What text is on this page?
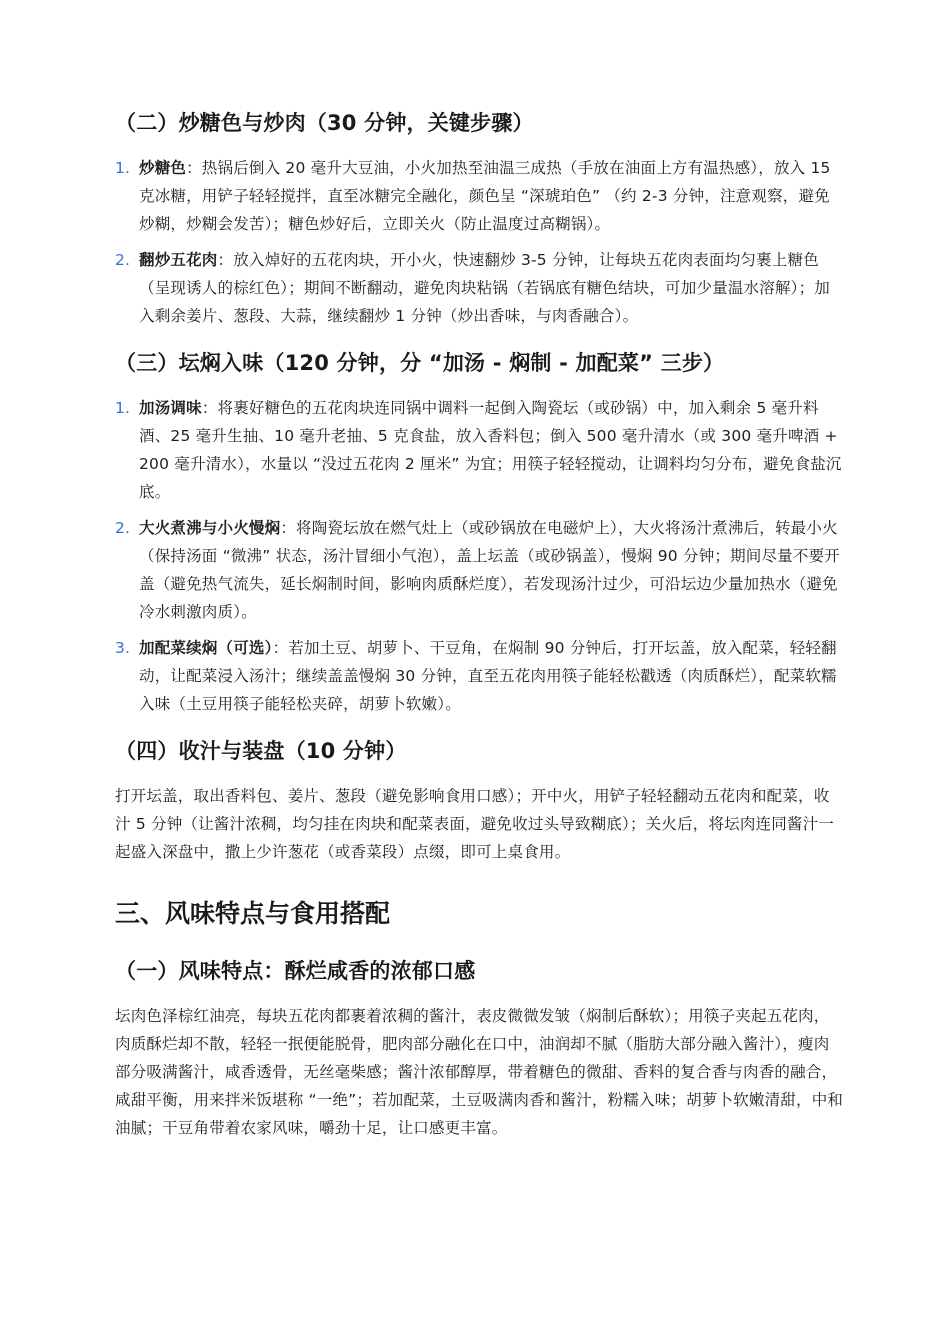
（二）炒糖色与炒肉（30 分钟，关键步骤）
1. 炒糖色：热锅后倒入 20 毫升大豆油，小火加热至油温三成热（手放在油面上方有温热感），放入 15 克冰糖，用铲子轻轻搅拌，直至冰糖完全融化，颜色呈 “深琥珀色” （约 2-3 分钟，注意观察，避免炒糊，炒糊会发苦）；糖色炒好后，立即关火（防止温度过高糊锅）。
2. 翻炒五花肉：放入焯好的五花肉块，开小火，快速翻炒 3-5 分钟，让每块五花肉表面均匀裹上糖色（呈现诱人的棕红色）；期间不断翻动，避免肉块粘锅（若锅底有糖色结块，可加少量温水溶解）；加入剩余姜片、葱段、大蒜，继续翻炒 1 分钟（炒出香味，与肉香融合）。
（三）坛焖入味（120 分钟，分 “加汤 - 焖制 - 加配菜” 三步）
1. 加汤调味：将裹好糖色的五花肉块连同锅中调料一起倒入陶瓷坛（或砂锅）中，加入剩余 5 毫升料酒、25 毫升生抽、10 毫升老抽、5 克食盐，放入香料包；倒入 500 毫升清水（或 300 毫升啤酒 + 200 毫升清水），水量以 “没过五花肉 2 厘米” 为宜；用筷子轻轻搅动，让调料均匀分布，避免食盐沉底。
2. 大火煮沸与小火慢焖：将陶瓷坛放在燃气灶上（或砂锅放在电磁炉上），大火将汤汁煮沸后，转最小火（保持汤面 “微沸” 状态，汤汁冒细小气泡），盖上坛盖（或砂锅盖），慢焖 90 分钟；期间尽量不要开盖（避免热气流失，延长焖制时间，影响肉质酥烂度），若发现汤汁过少，可沿坛边少量加热水（避免冷水刺激肉质）。
3. 加配菜续焖（可选）：若加土豆、胡萝卜、干豆角，在焖制 90 分钟后，打开坛盖，放入配菜，轻轻翻动，让配菜浸入汤汁；继续盖盖慢焖 30 分钟，直至五花肉用筷子能轻松戳透（肉质酥烂），配菜软糯入味（土豆用筷子能轻松夹碎，胡萝卜软嫩）。
（四）收汁与装盘（10 分钟）

打开坛盖，取出香料包、姜片、葱段（避免影响食用口感）；开中火，用铲子轻轻翻动五花肉和配菜，收汁 5 分钟（让酱汁浓稠，均匀挂在肉块和配菜表面，避免收过头导致糊底）；关火后，将坛肉连同酱汁一起盛入深盘中，撒上少许葱花（或香菜段）点缀，即可上桌食用。

三、风味特点与食用搭配
（一）风味特点：酥烂咸香的浓郁口感

坛肉色泽棕红油亮，每块五花肉都裹着浓稠的酱汁，表皮微微发皱（焖制后酥软）；用筷子夹起五花肉，肉质酥烂却不散，轻轻一抿便能脱骨，肥肉部分融化在口中，油润却不腻（脂肪大部分融入酱汁），瘦肉部分吸满酱汁，咸香透骨，无丝毫柴感；酱汁浓郁醇厚，带着糖色的微甜、香料的复合香与肉香的融合，咸甜平衡，用来拌米饭堪称 “一绝”；若加配菜，土豆吸满肉香和酱汁，粉糯入味；胡萝卜软嫩清甜，中和油腻；干豆角带着农家风味，嚼劲十足，让口感更丰富。
